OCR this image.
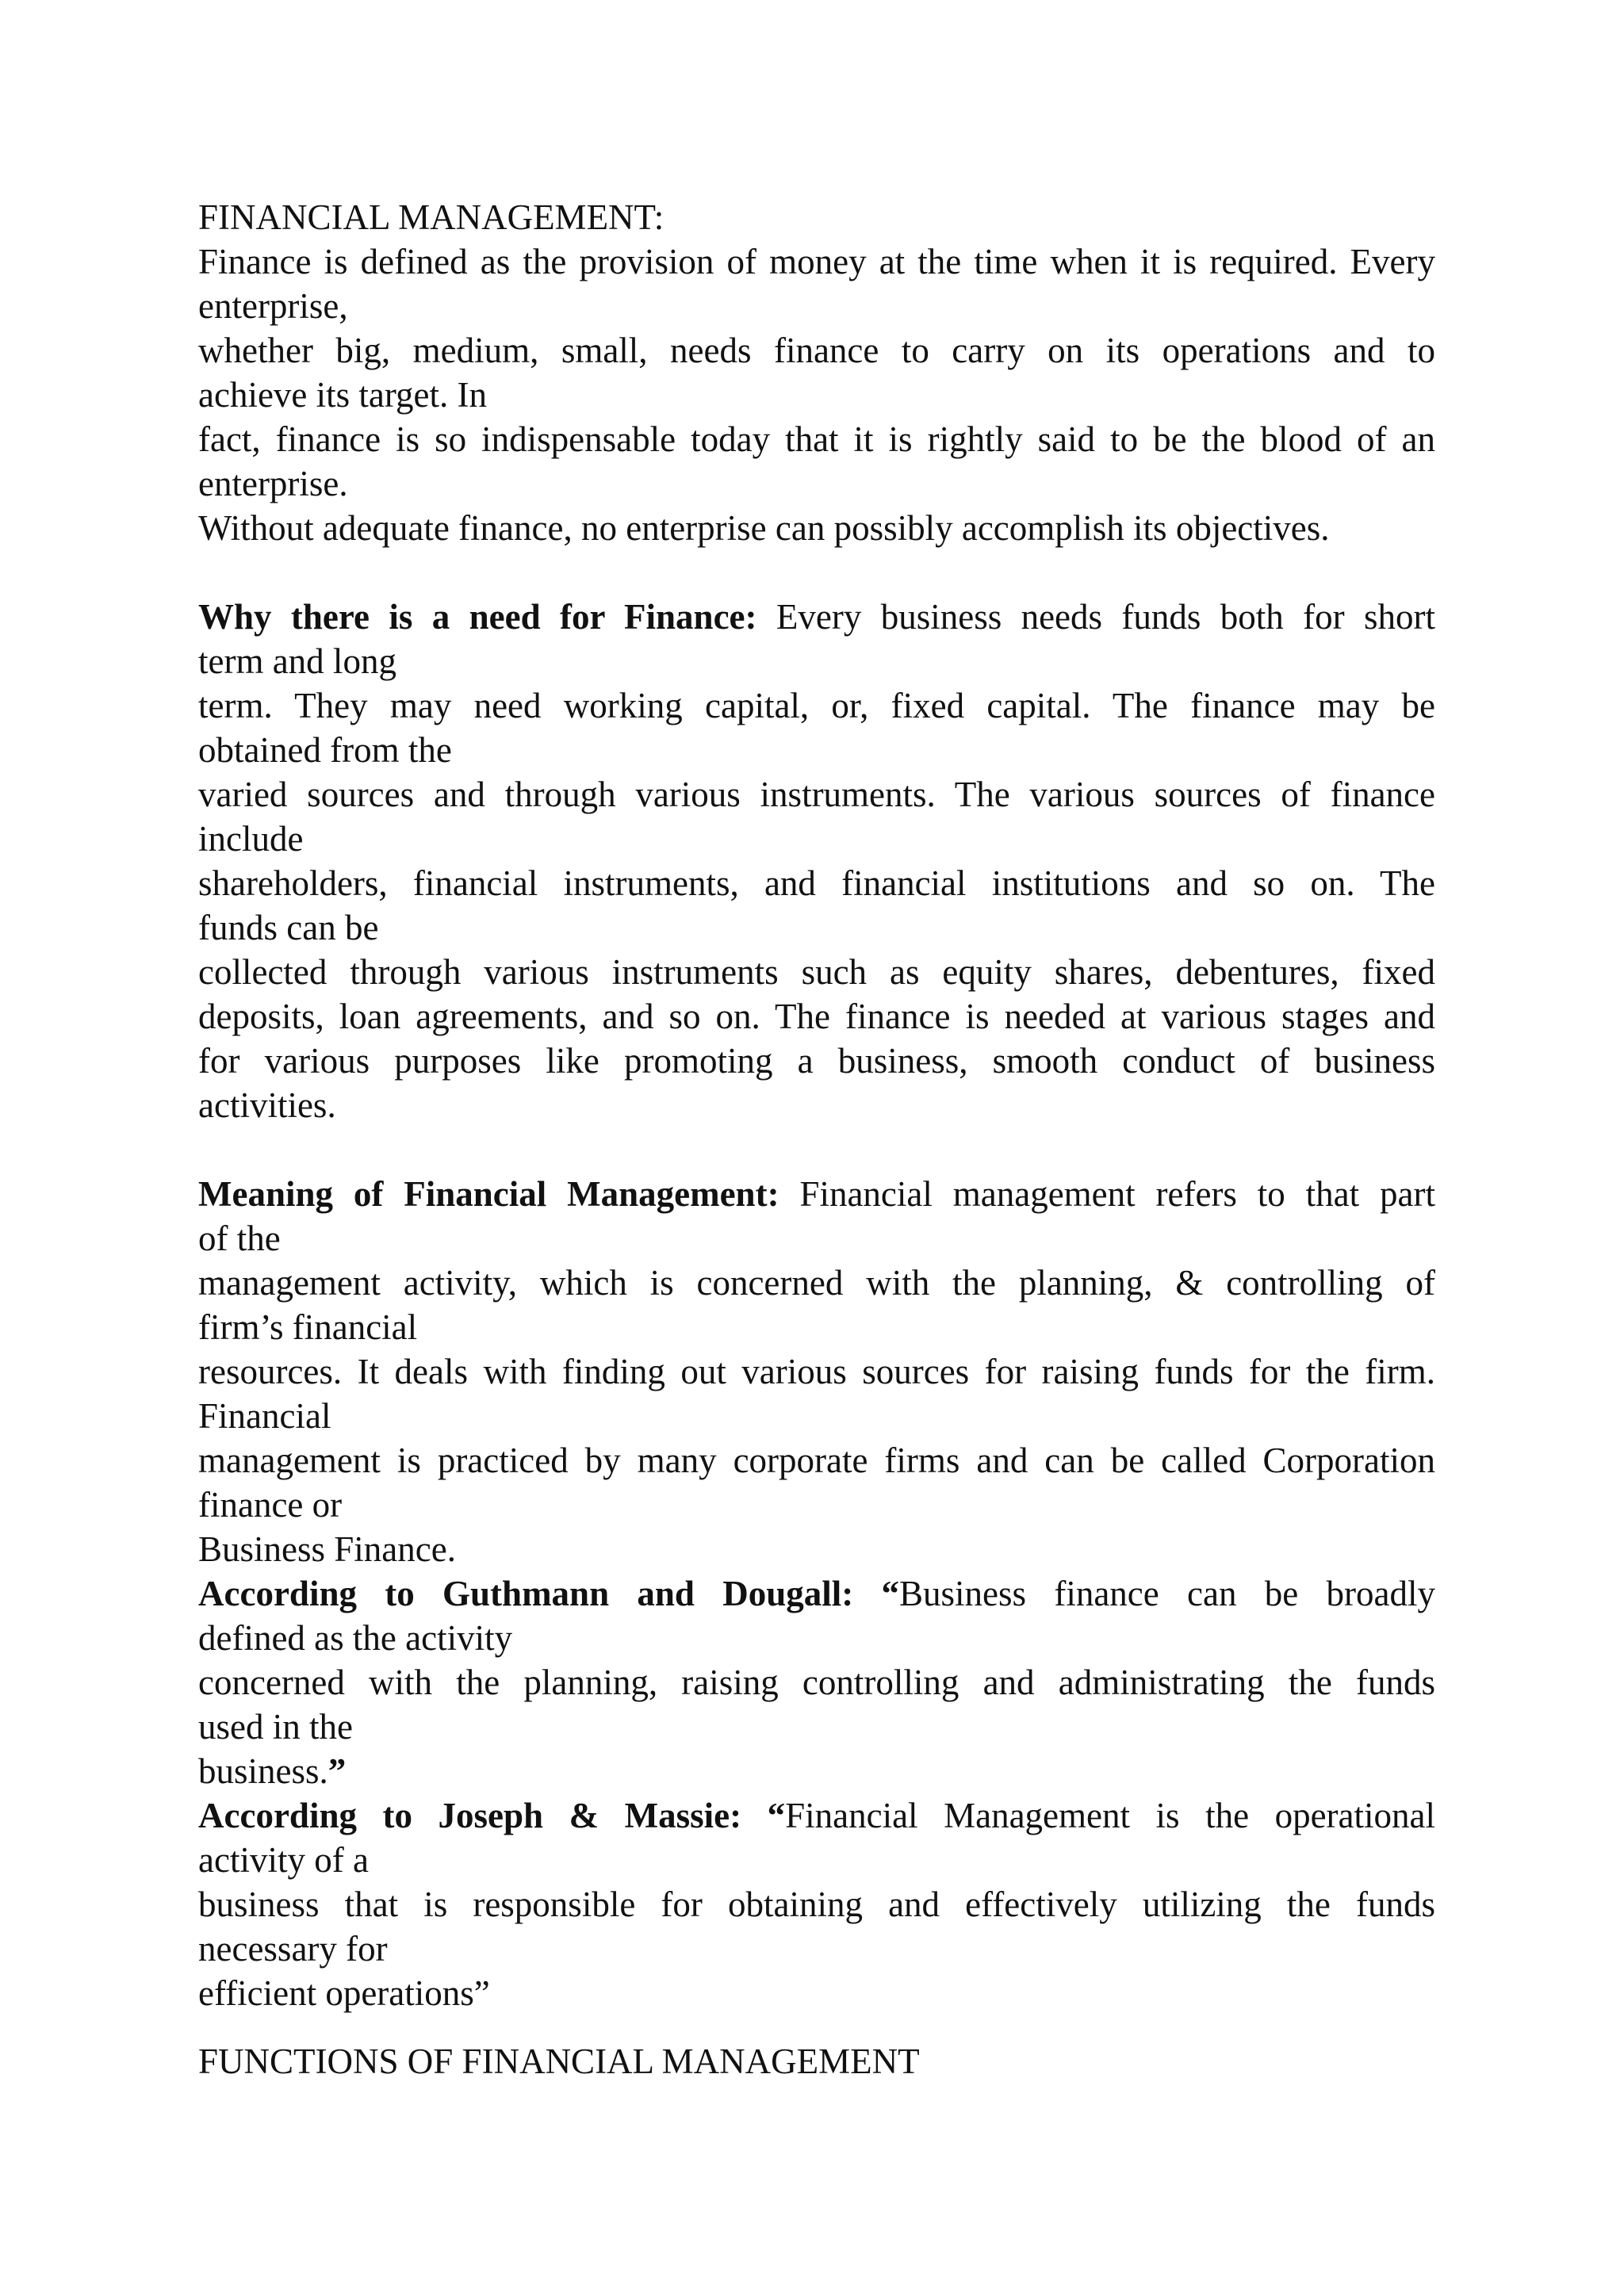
FINANCIAL MANAGEMENT:
Finance is defined as the provision of money at the time when it is required. Every
enterprise,
whether big, medium, small, needs finance to carry on its operations and to
achieve its target. In
fact, finance is so indispensable today that it is rightly said to be the blood of an
enterprise.
Without adequate finance, no enterprise can possibly accomplish its objectives.
Why there is a need for Finance: Every business needs funds both for short
term and long
term. They may need working capital, or, fixed capital. The finance may be
obtained from the
varied sources and through various instruments. The various sources of finance
include
shareholders, financial instruments, and financial institutions and so on. The
funds can be
collected through various instruments such as equity shares, debentures, fixed
deposits, loan agreements, and so on. The finance is needed at various stages and
for various purposes like promoting a business, smooth conduct of business
activities.
Meaning of Financial Management: Financial management refers to that part
of the
management activity, which is concerned with the planning, & controlling of
firm’s financial
resources. It deals with finding out various sources for raising funds for the firm.
Financial
management is practiced by many corporate firms and can be called Corporation
finance or
Business Finance.
According to Guthmann and Dougall: “Business finance can be broadly
defined as the activity
concerned with the planning, raising controlling and administrating the funds
used in the
business.”
According to Joseph & Massie: “Financial Management is the operational
activity of a
business that is responsible for obtaining and effectively utilizing the funds
necessary for
efficient operations”
FUNCTIONS OF FINANCIAL MANAGEMENT
